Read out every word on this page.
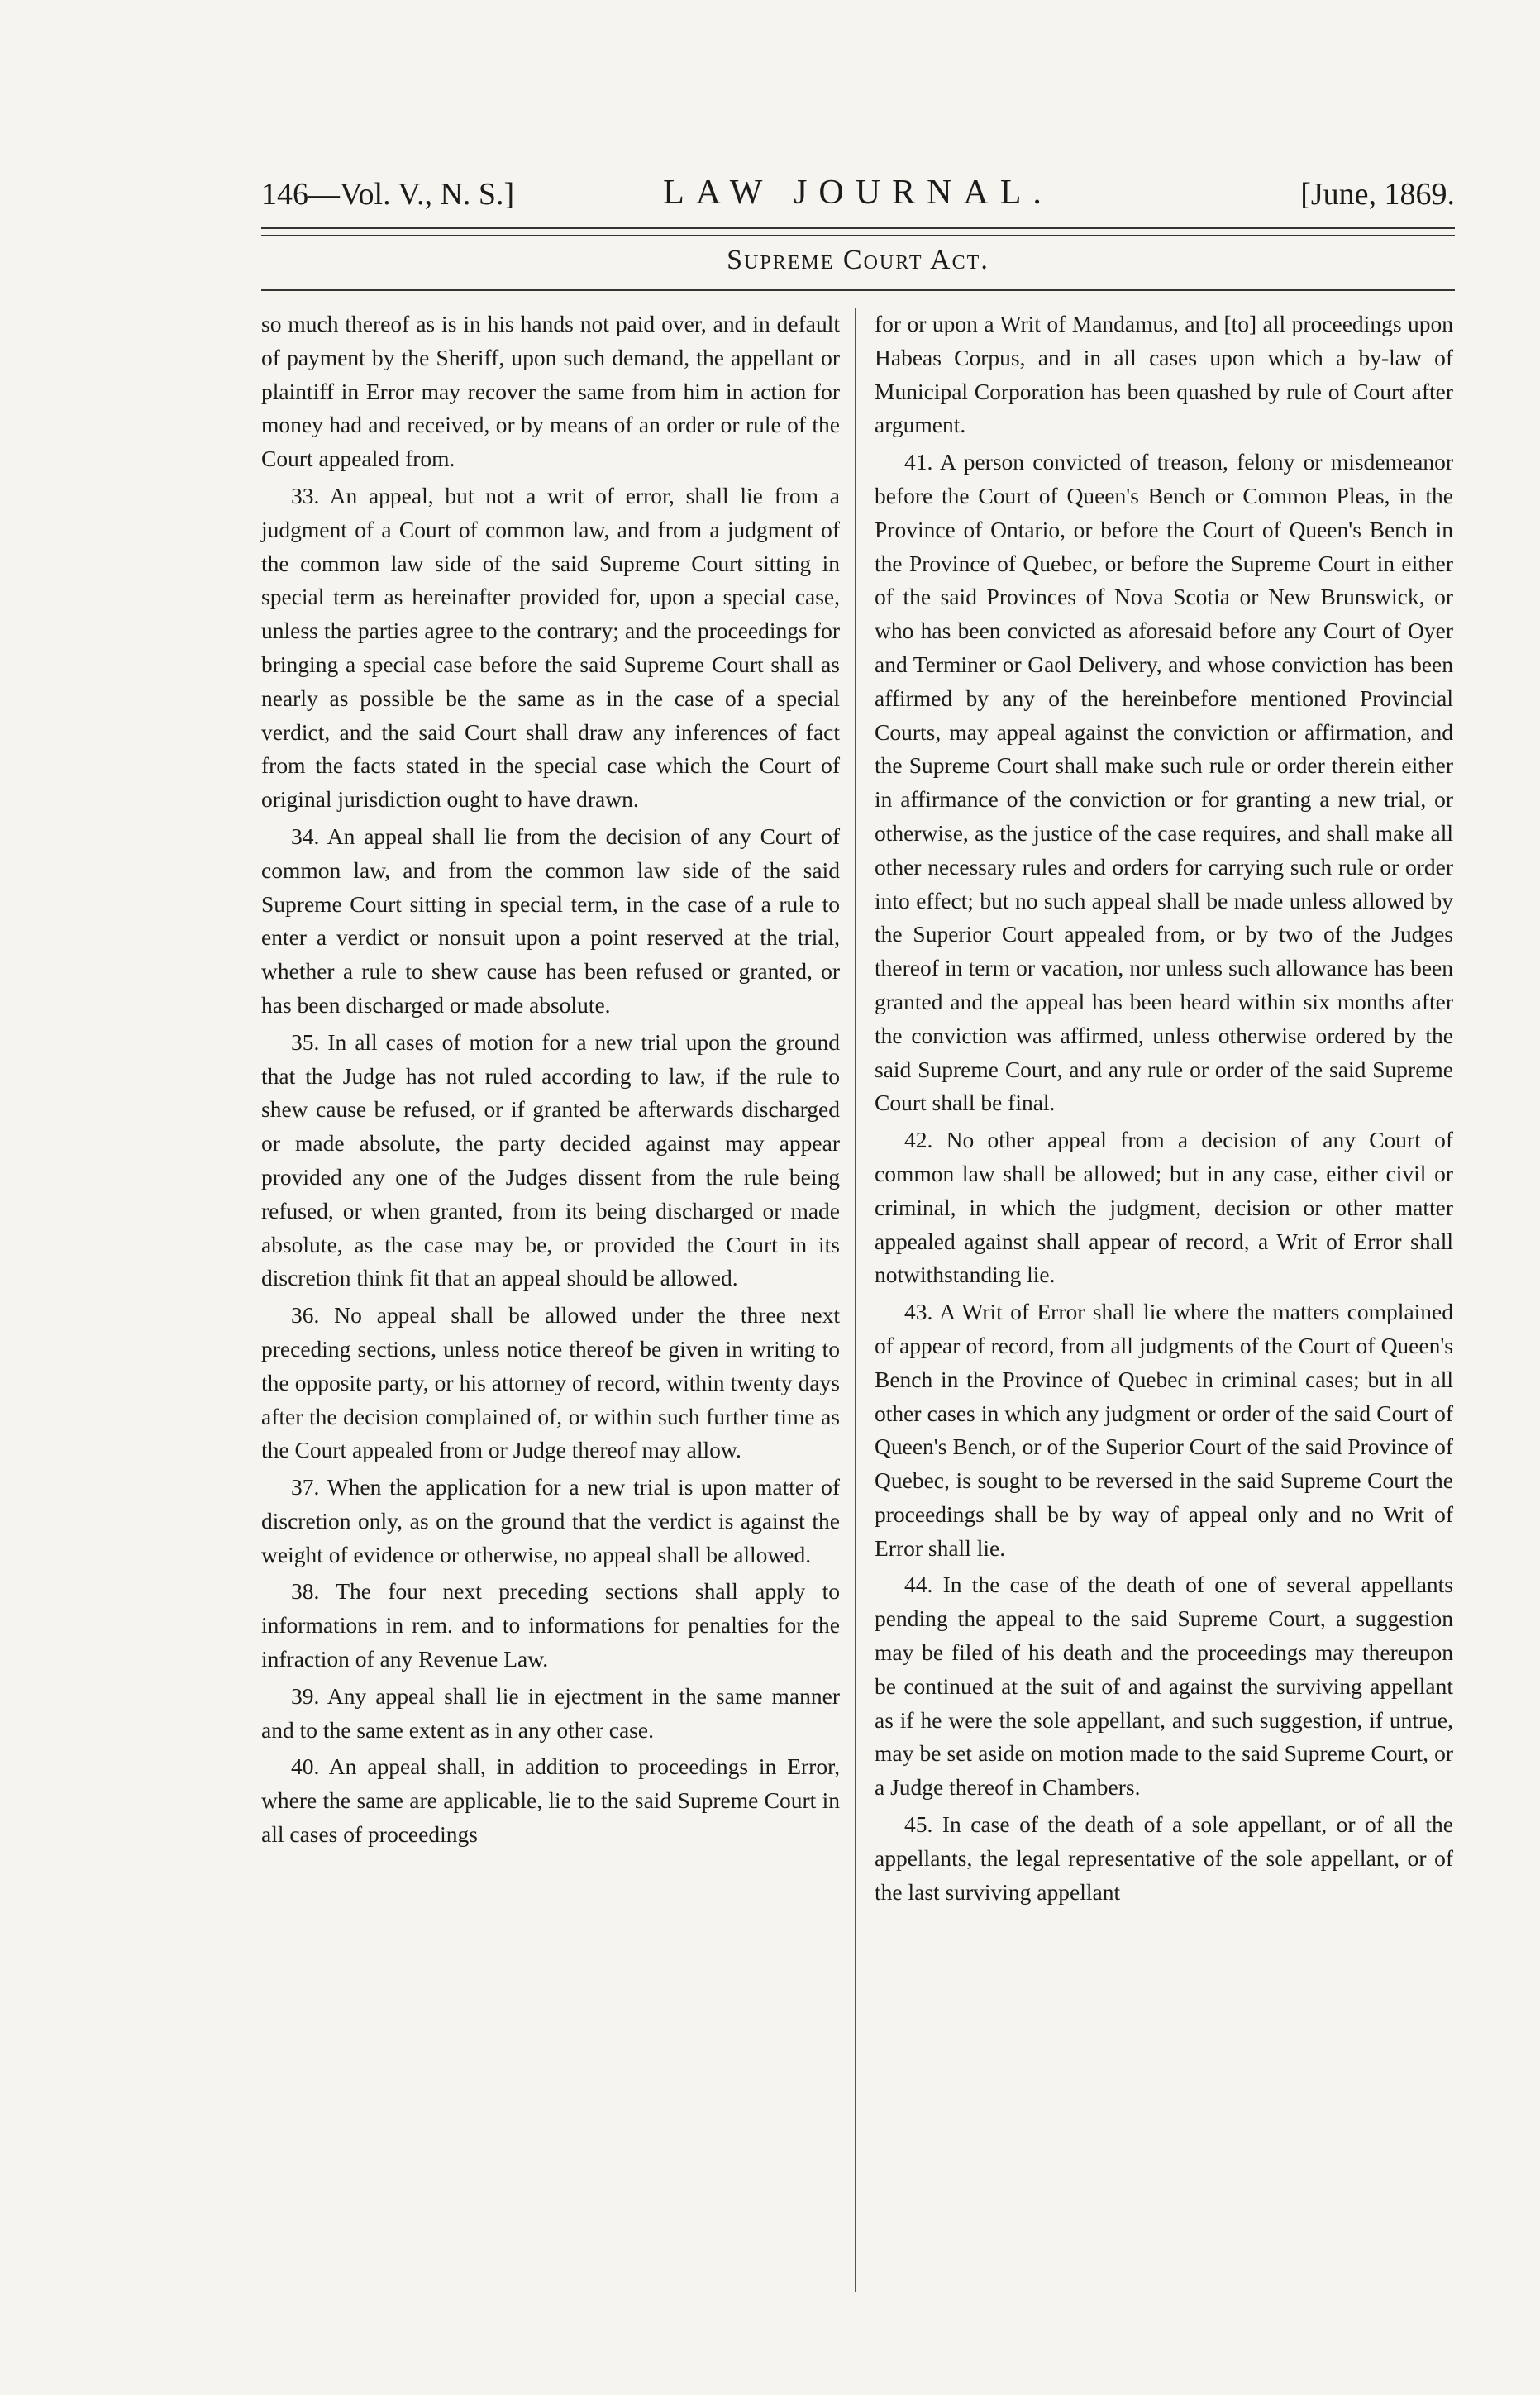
146—Vol. V., N. S.]	LAW JOURNAL.	[June, 1869.
Supreme Court Act.

so much thereof as is in his hands not paid over, and in default of payment by the Sheriff, upon such demand, the appellant or plaintiff in Error may recover the same from him in action for money had and received, or by means of an order or rule of the Court appealed from.

33. An appeal, but not a writ of error, shall lie from a judgment of a Court of common law, and from a judgment of the common law side of the said Supreme Court sitting in special term as hereinafter provided for, upon a special case, unless the parties agree to the contrary; and the proceedings for bringing a special case before the said Supreme Court shall as nearly as possible be the same as in the case of a special verdict, and the said Court shall draw any inferences of fact from the facts stated in the special case which the Court of original jurisdiction ought to have drawn.

34. An appeal shall lie from the decision of any Court of common law, and from the common law side of the said Supreme Court sitting in special term, in the case of a rule to enter a verdict or nonsuit upon a point reserved at the trial, whether a rule to shew cause has been refused or granted, or has been discharged or made absolute.

35. In all cases of motion for a new trial upon the ground that the Judge has not ruled according to law, if the rule to shew cause be refused, or if granted be afterwards discharged or made absolute, the party decided against may appear provided any one of the Judges dissent from the rule being refused, or when granted, from its being discharged or made absolute, as the case may be, or provided the Court in its discretion think fit that an appeal should be allowed.

36. No appeal shall be allowed under the three next preceding sections, unless notice thereof be given in writing to the opposite party, or his attorney of record, within twenty days after the decision complained of, or within such further time as the Court appealed from or Judge thereof may allow.

37. When the application for a new trial is upon matter of discretion only, as on the ground that the verdict is against the weight of evidence or otherwise, no appeal shall be allowed.

38. The four next preceding sections shall apply to informations in rem. and to informations for penalties for the infraction of any Revenue Law.

39. Any appeal shall lie in ejectment in the same manner and to the same extent as in any other case.

40. An appeal shall, in addition to proceedings in Error, where the same are applicable, lie to the said Supreme Court in all cases of proceedings

for or upon a Writ of Mandamus, and [to] all proceedings upon Habeas Corpus, and in all cases upon which a by-law of Municipal Corporation has been quashed by rule of Court after argument.

41. A person convicted of treason, felony or misdemeanor before the Court of Queen's Bench or Common Pleas, in the Province of Ontario, or before the Court of Queen's Bench in the Province of Quebec, or before the Supreme Court in either of the said Provinces of Nova Scotia or New Brunswick, or who has been convicted as aforesaid before any Court of Oyer and Terminer or Gaol Delivery, and whose conviction has been affirmed by any of the hereinbefore mentioned Provincial Courts, may appeal against the conviction or affirmation, and the Supreme Court shall make such rule or order therein either in affirmance of the conviction or for granting a new trial, or otherwise, as the justice of the case requires, and shall make all other necessary rules and orders for carrying such rule or order into effect; but no such appeal shall be made unless allowed by the Superior Court appealed from, or by two of the Judges thereof in term or vacation, nor unless such allowance has been granted and the appeal has been heard within six months after the conviction was affirmed, unless otherwise ordered by the said Supreme Court, and any rule or order of the said Supreme Court shall be final.

42. No other appeal from a decision of any Court of common law shall be allowed; but in any case, either civil or criminal, in which the judgment, decision or other matter appealed against shall appear of record, a Writ of Error shall notwithstanding lie.

43. A Writ of Error shall lie where the matters complained of appear of record, from all judgments of the Court of Queen's Bench in the Province of Quebec in criminal cases; but in all other cases in which any judgment or order of the said Court of Queen's Bench, or of the Superior Court of the said Province of Quebec, is sought to be reversed in the said Supreme Court the proceedings shall be by way of appeal only and no Writ of Error shall lie.

44. In the case of the death of one of several appellants pending the appeal to the said Supreme Court, a suggestion may be filed of his death and the proceedings may thereupon be continued at the suit of and against the surviving appellant as if he were the sole appellant, and such suggestion, if untrue, may be set aside on motion made to the said Supreme Court, or a Judge thereof in Chambers.

45. In case of the death of a sole appellant, or of all the appellants, the legal representative of the sole appellant, or of the last surviving appellant
